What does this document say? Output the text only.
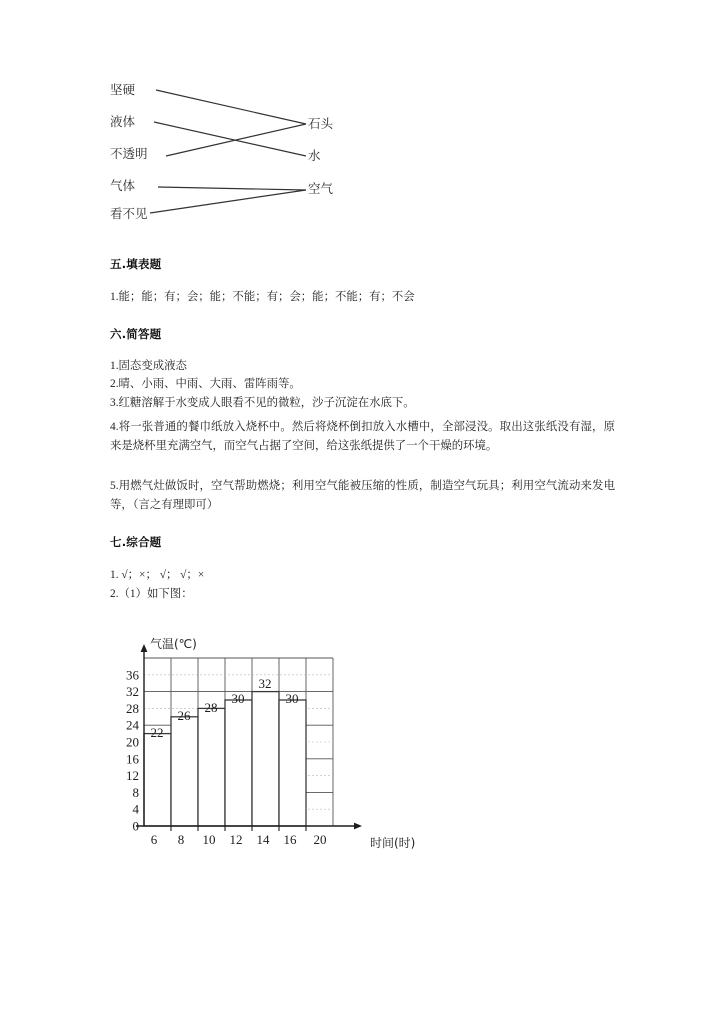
坚硬
液体
不透明
气体
看不见
石头
水
空气
五.填表题
1.能；能；有；会；能；不能；有；会；能；不能；有；不会
六.简答题
1.固态变成液态
2.晴、小雨、中雨、大雨、雷阵雨等。
3.红糖溶解于水变成人眼看不见的微粒，沙子沉淀在水底下。
4.将一张普通的餐巾纸放入烧杯中。然后将烧杯倒扣放入水槽中，全部浸没。取出这张纸没有湿，原来是烧杯里充满空气，而空气占据了空间，给这张纸提供了一个干燥的环境。
5.用燃气灶做饭时，空气帮助燃烧；利用空气能被压缩的性质，制造空气玩具；利用空气流动来发电等，（言之有理即可）
七.综合题
1. √；×； √； √；×
2.（1）如下图：
0
4
8
12
16
20
24
28
32
36
6 8 10 12 14 16 20
22
26
28
30
32
30
气温(℃)
时间(时)
